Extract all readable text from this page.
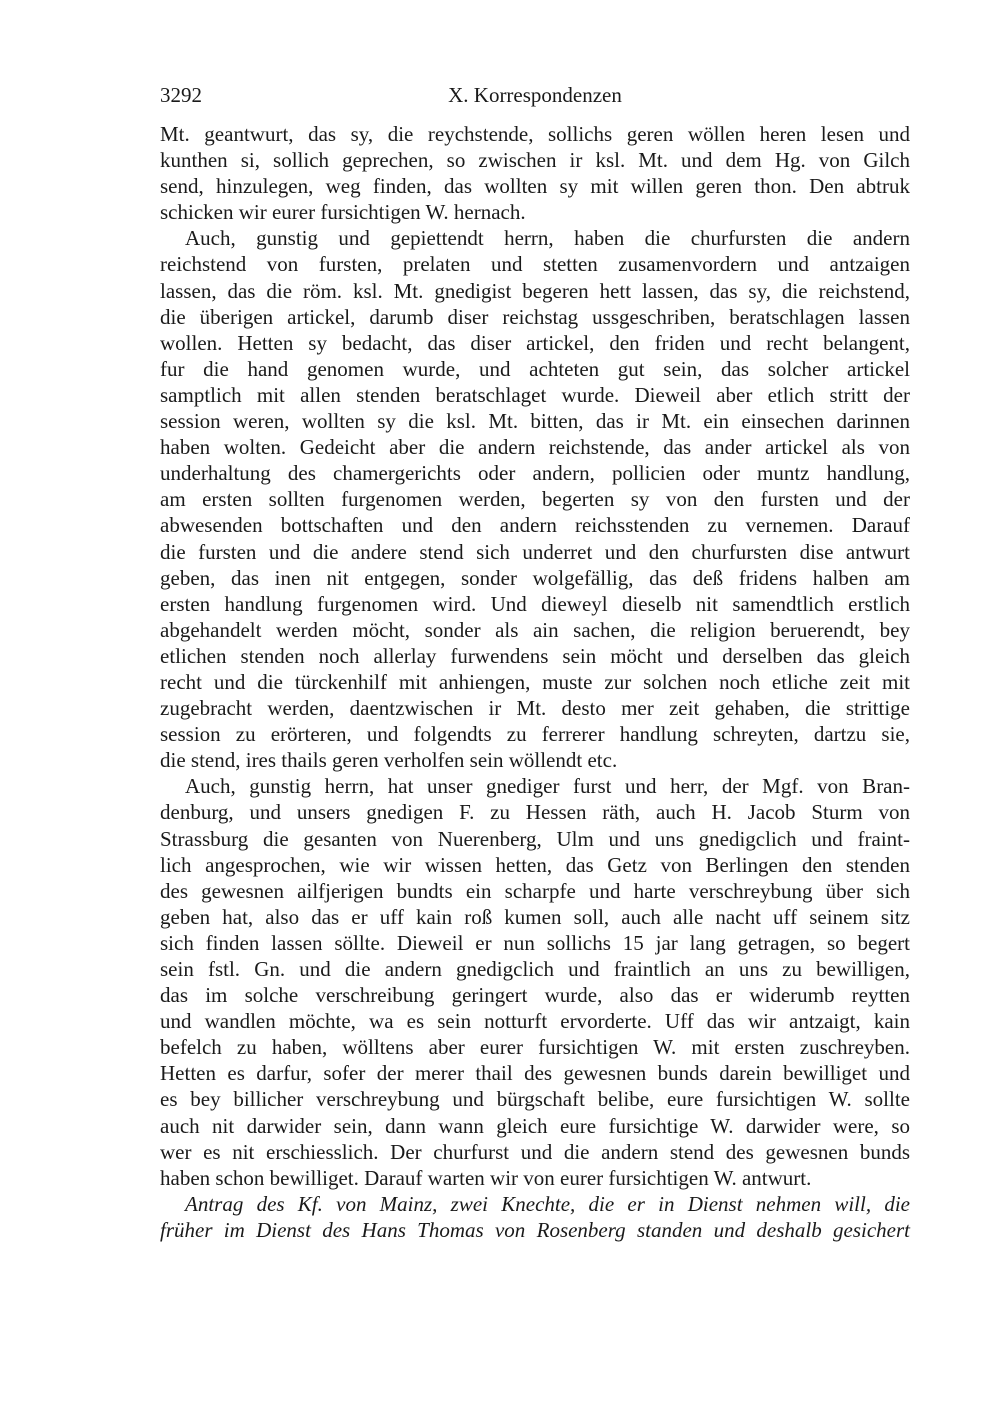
3292	X. Korrespondenzen
Mt. geantwurt, das sy, die reychstende, sollichs geren wöllen heren lesen und
kunthen si, sollich geprechen, so zwischen ir ksl. Mt. und dem Hg. von Gilch
send, hinzulegen, weg finden, das wollten sy mit willen geren thon. Den abtruk
schicken wir eurer fursichtigen W. hernach.
Auch, gunstig und gepiettendt herrn, haben die churfursten die andern
reichstend von fursten, prelaten und stetten zusamenvordern und antzaigen
lassen, das die röm. ksl. Mt. gnedigist begeren hett lassen, das sy, die reichstend,
die überigen artickel, darumb diser reichstag ussgeschriben, beratschlagen lassen
wollen. Hetten sy bedacht, das diser artickel, den friden und recht belangent,
fur die hand genomen wurde, und achteten gut sein, das solcher artickel
samptlich mit allen stenden beratschlaget wurde. Dieweil aber etlich stritt der
session weren, wollten sy die ksl. Mt. bitten, das ir Mt. ein einsechen darinnen
haben wolten. Gedeicht aber die andern reichstende, das ander artickel als von
underhaltung des chamergerichts oder andern, pollicien oder muntz handlung,
am ersten sollten furgenomen werden, begerten sy von den fursten und der
abwesenden bottschaften und den andern reichsstenden zu vernemen. Darauf
die fursten und die andere stend sich underret und den churfursten dise antwurt
geben, das inen nit entgegen, sonder wolgefällig, das deß fridens halben am
ersten handlung furgenomen wird. Und dieweyl dieselb nit samendtlich erstlich
abgehandelt werden möcht, sonder als ain sachen, die religion beruerendt, bey
etlichen stenden noch allerlay furwendens sein möcht und derselben das gleich
recht und die türckenhilf mit anhiengen, muste zur solchen noch etliche zeit mit
zugebracht werden, daentzwischen ir Mt. desto mer zeit gehaben, die strittige
session zu erörteren, und folgendts zu ferrerer handlung schreyten, dartzu sie,
die stend, ires thails geren verholfen sein wöllendt etc.
Auch, gunstig herrn, hat unser gnediger furst und herr, der Mgf. von Bran-
denburg, und unsers gnedigen F. zu Hessen räth, auch H. Jacob Sturm von
Strassburg die gesanten von Nuerenberg, Ulm und uns gnedigclich und fraint-
lich angesprochen, wie wir wissen hetten, das Getz von Berlingen den stenden
des gewesnen ailfjerigen bundts ein scharpfe und harte verschreybung über sich
geben hat, also das er uff kain roß kumen soll, auch alle nacht uff seinem sitz
sich finden lassen söllte. Dieweil er nun sollichs 15 jar lang getragen, so begert
sein fstl. Gn. und die andern gnedigclich und fraintlich an uns zu bewilligen,
das im solche verschreibung geringert wurde, also das er widerumb reytten
und wandlen möchte, wa es sein notturft ervorderte. Uff das wir antzaigt, kain
befelch zu haben, wölltens aber eurer fursichtigen W. mit ersten zuschreyben.
Hetten es darfur, sofer der merer thail des gewesnen bunds darein bewilliget und
es bey billicher verschreybung und bürgschaft belibe, eure fursichtigen W. sollte
auch nit darwider sein, dann wann gleich eure fursichtige W. darwider were, so
wer es nit erschiesslich. Der churfurst und die andern stend des gewesnen bunds
haben schon bewilliget. Darauf warten wir von eurer fursichtigen W. antwurt.
Antrag des Kf. von Mainz, zwei Knechte, die er in Dienst nehmen will, die
früher im Dienst des Hans Thomas von Rosenberg standen und deshalb gesichert
